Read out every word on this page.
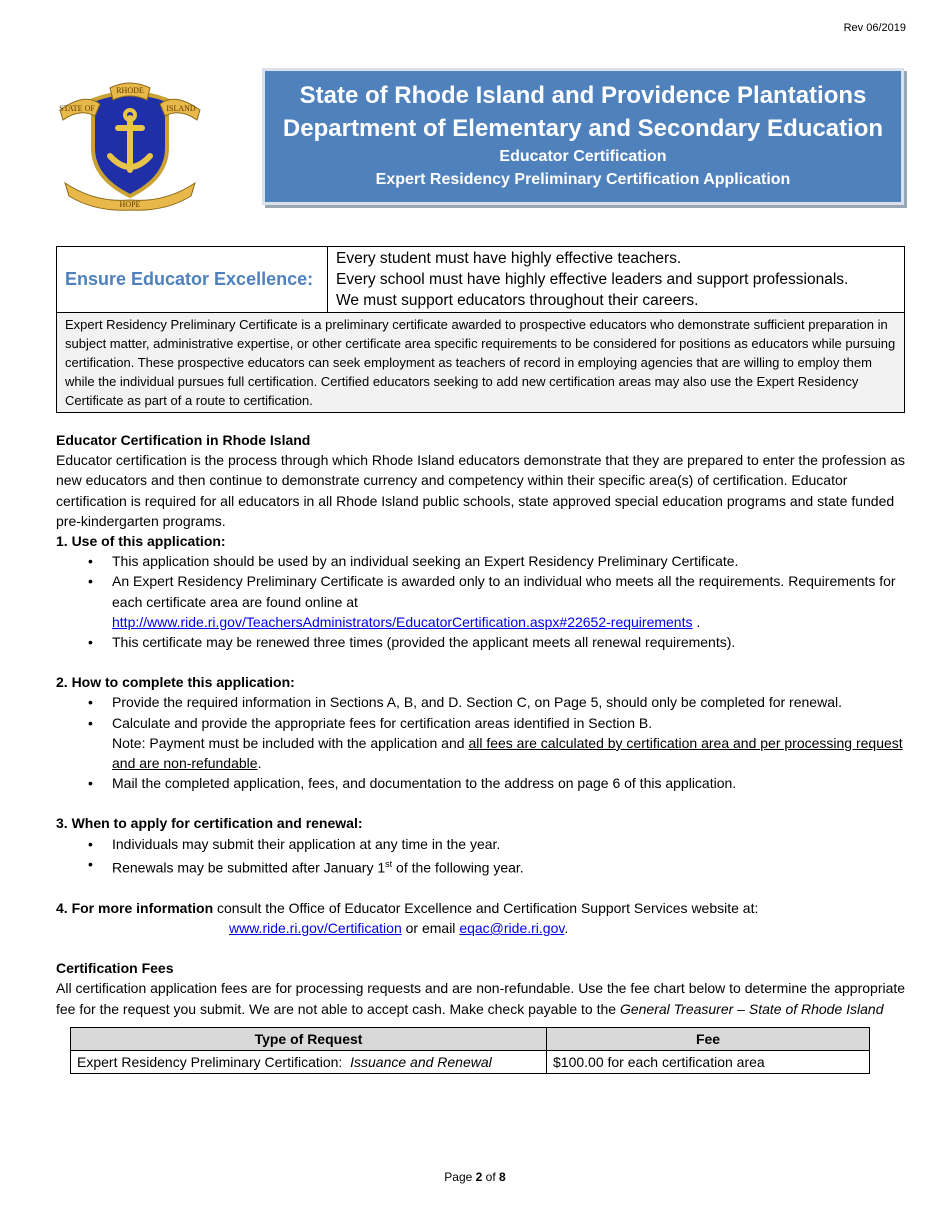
Rev 06/2019
RHODE
STATE OF	ISLAND
HOPE
State of Rhode Island and Providence Plantations
Department of Elementary and Secondary Education
Educator Certification
Expert Residency Preliminary Certification Application
Ensure Educator Excellence:	
Every student must have highly effective teachers.
Every school must have highly effective leaders and support professionals.
We must support educators throughout their careers.

Expert Residency Preliminary Certificate is a preliminary certificate awarded to prospective educators who demonstrate sufficient preparation in subject matter, administrative expertise, or other certificate area specific requirements to be considered for positions as educators while pursuing certification. These prospective educators can seek employment as teachers of record in employing agencies that are willing to employ them while the individual pursues full certification. Certified educators seeking to add new certification areas may also use the Expert Residency Certificate as part of a route to certification.

Educator Certification in Rhode Island

Educator certification is the process through which Rhode Island educators demonstrate that they are prepared to enter the profession as new educators and then continue to demonstrate currency and competency within their specific area(s) of certification. Educator certification is required for all educators in all Rhode Island public schools, state approved special education programs and state funded pre-kindergarten programs.

1. Use of this application:

• This application should be used by an individual seeking an Expert Residency Preliminary Certificate.
• An Expert Residency Preliminary Certificate is awarded only to an individual who meets all the requirements. Requirements for each certificate area are found online at
http://www.ride.ri.gov/TeachersAdministrators/EducatorCertification.aspx#22652-requirements .
• This certificate may be renewed three times (provided the applicant meets all renewal requirements).

2. How to complete this application:

• Provide the required information in Sections A, B, and D. Section C, on Page 5, should only be completed for renewal.
• Calculate and provide the appropriate fees for certification areas identified in Section B.
Note: Payment must be included with the application and all fees are calculated by certification area and per processing request and are non-refundable.
• Mail the completed application, fees, and documentation to the address on page 6 of this application.

3. When to apply for certification and renewal:

• Individuals may submit their application at any time in the year.
• Renewals may be submitted after January 1st of the following year.

4. For more information consult the Office of Educator Excellence and Certification Support Services website at:

www.ride.ri.gov/Certification or email eqac@ride.ri.gov.

Certification Fees

All certification application fees are for processing requests and are non-refundable. Use the fee chart below to determine the appropriate fee for the request you submit. We are not able to accept cash. Make check payable to the General Treasurer – State of Rhode Island

Type of Request	Fee
Expert Residency Preliminary Certification:  Issuance and Renewal	$100.00 for each certification area
Page 2 of 8
